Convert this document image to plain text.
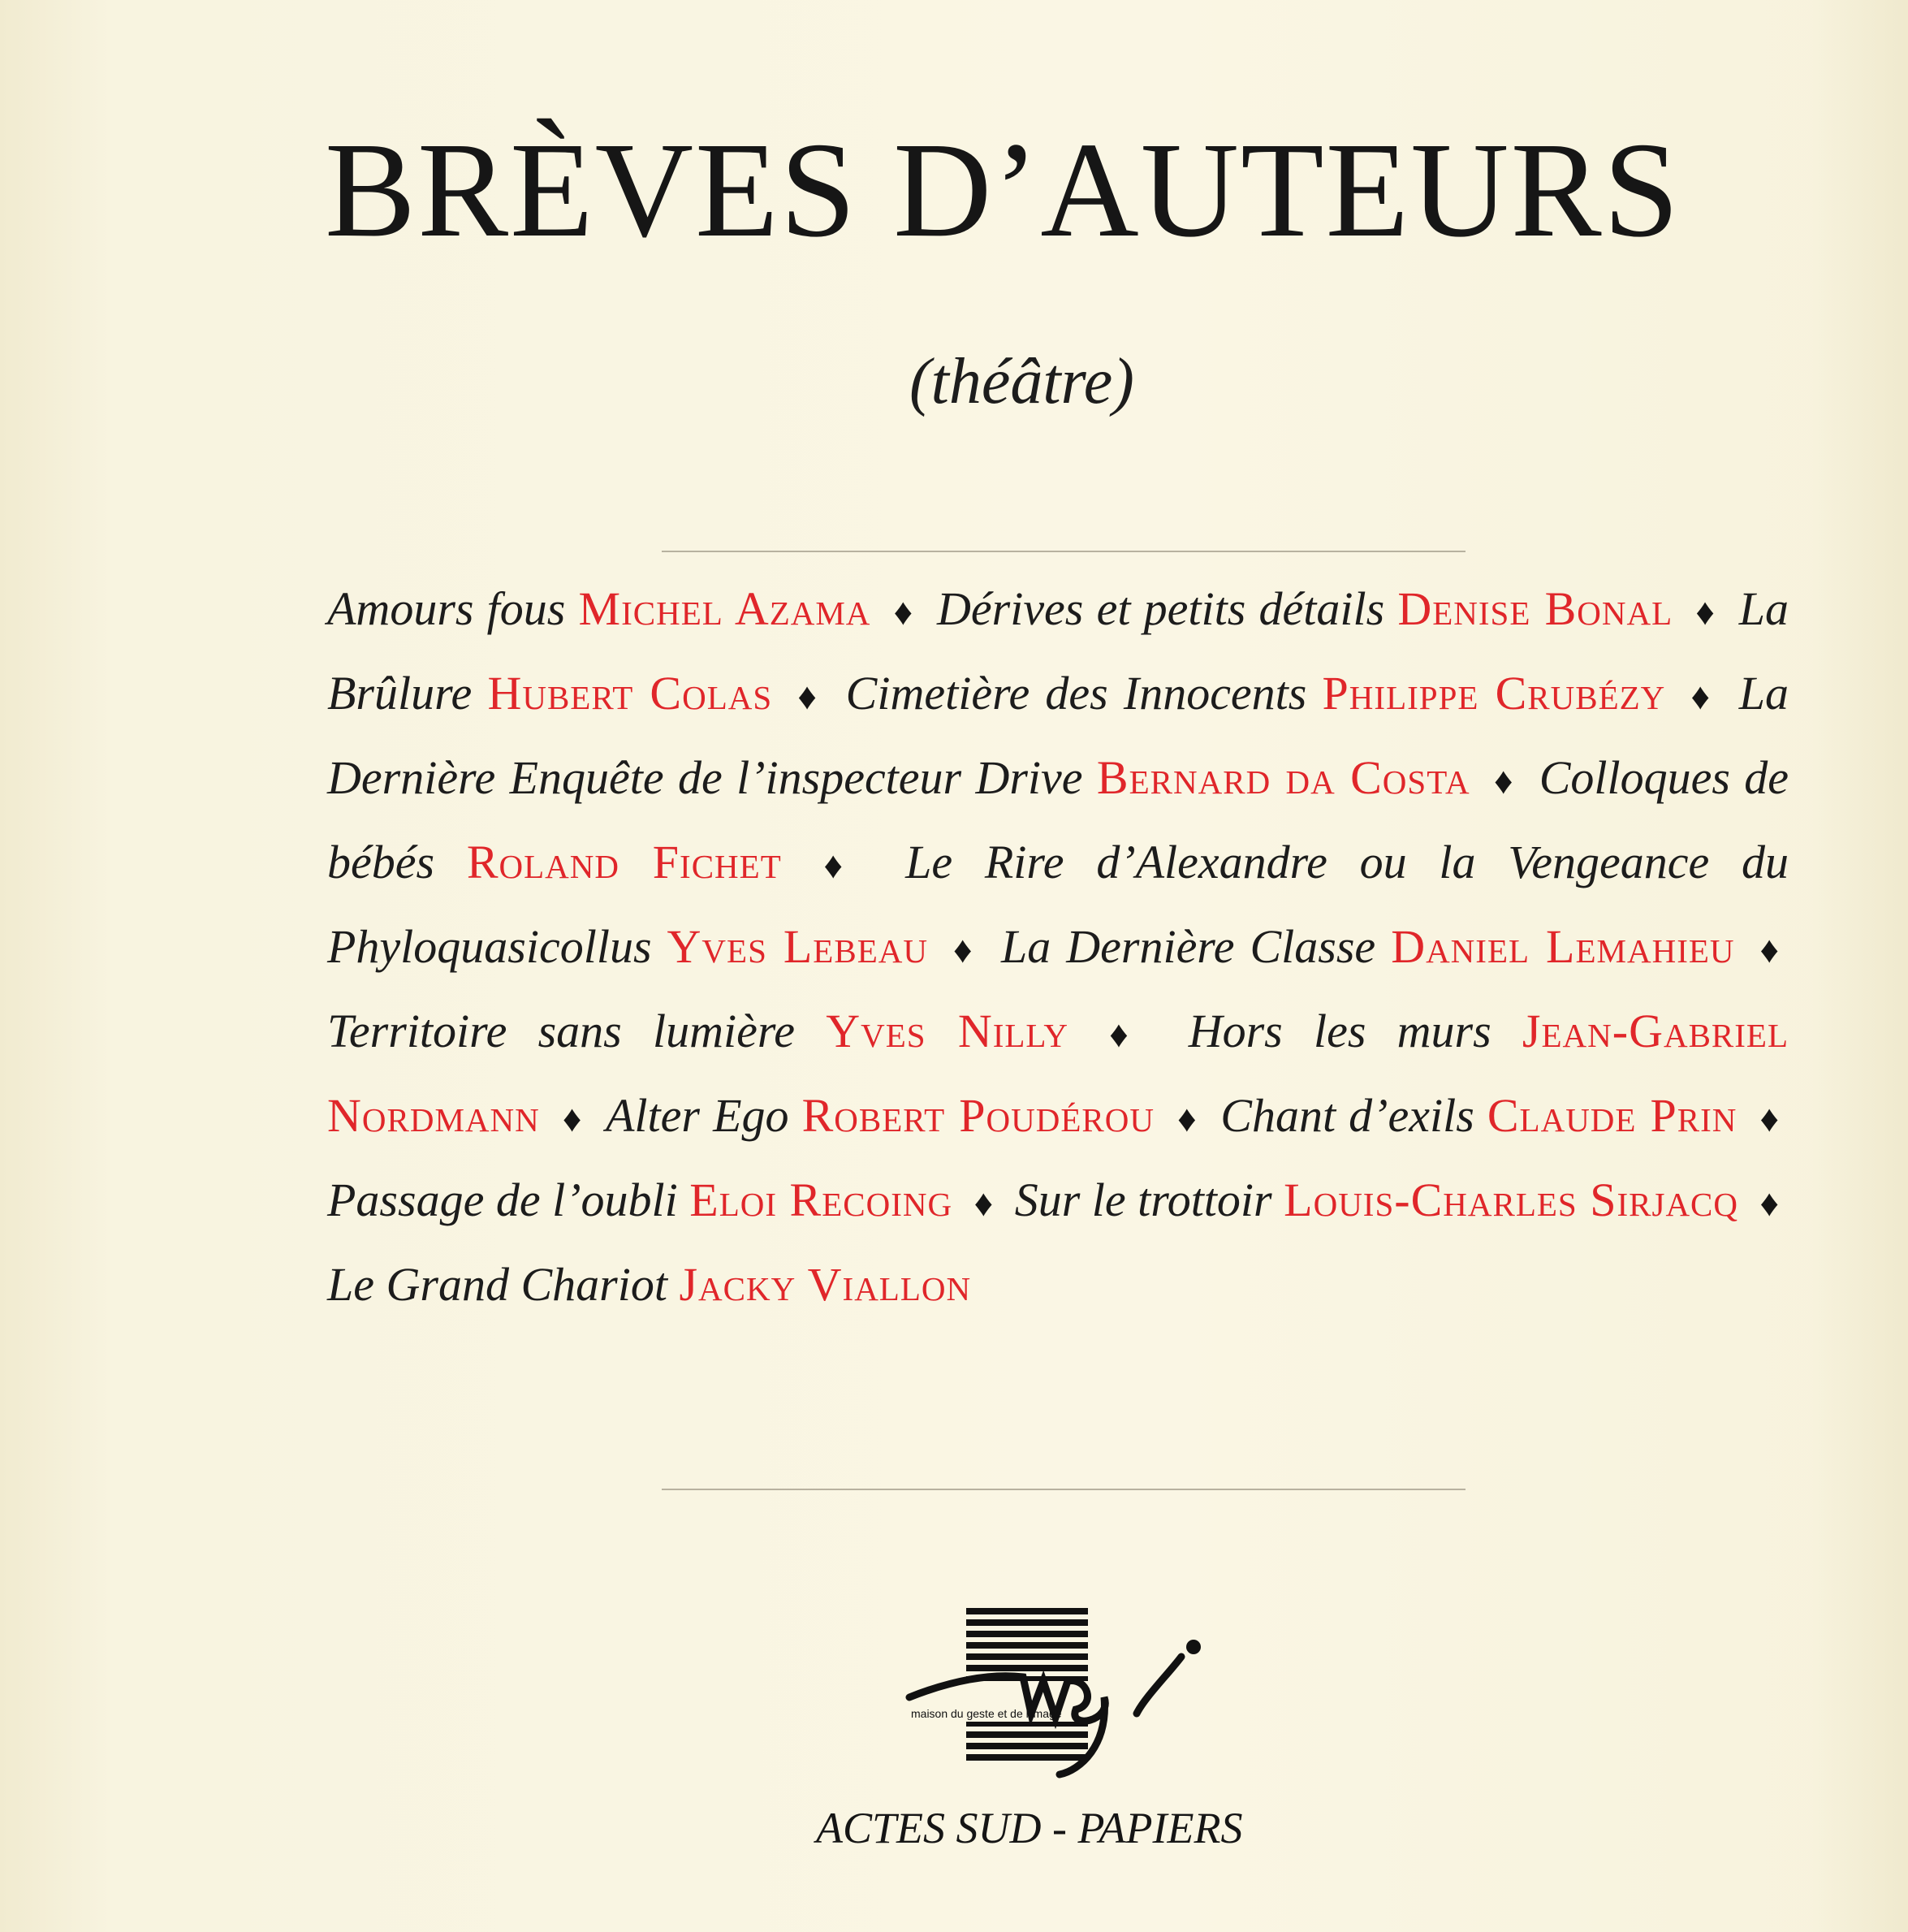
BRÈVES D’AUTEURS
(théâtre)

Amours fous Michel Azama ♦ Dérives et petits détails Denise Bonal ♦ La Brûlure Hubert Colas ♦ Cimetière des Innocents Philippe Crubézy ♦ La Dernière Enquête de l’inspecteur Drive Bernard da Costa ♦ Colloques de bébés Roland Fichet ♦ Le Rire d’Alexandre ou la Vengeance du Phyloquasicollus Yves Lebeau ♦ La Dernière Classe Daniel Lemahieu ♦ Territoire sans lumière Yves Nilly ♦ Hors les murs Jean-Gabriel Nordmann ♦ Alter Ego Robert Poudérou ♦ Chant d’exils Claude Prin ♦ Passage de l’oubli Eloi Recoing ♦ Sur le trottoir Louis-Charles Sirjacq ♦ Le Grand Chariot Jacky Viallon

maison du geste et de l'image

ACTES SUD - PAPIERS
